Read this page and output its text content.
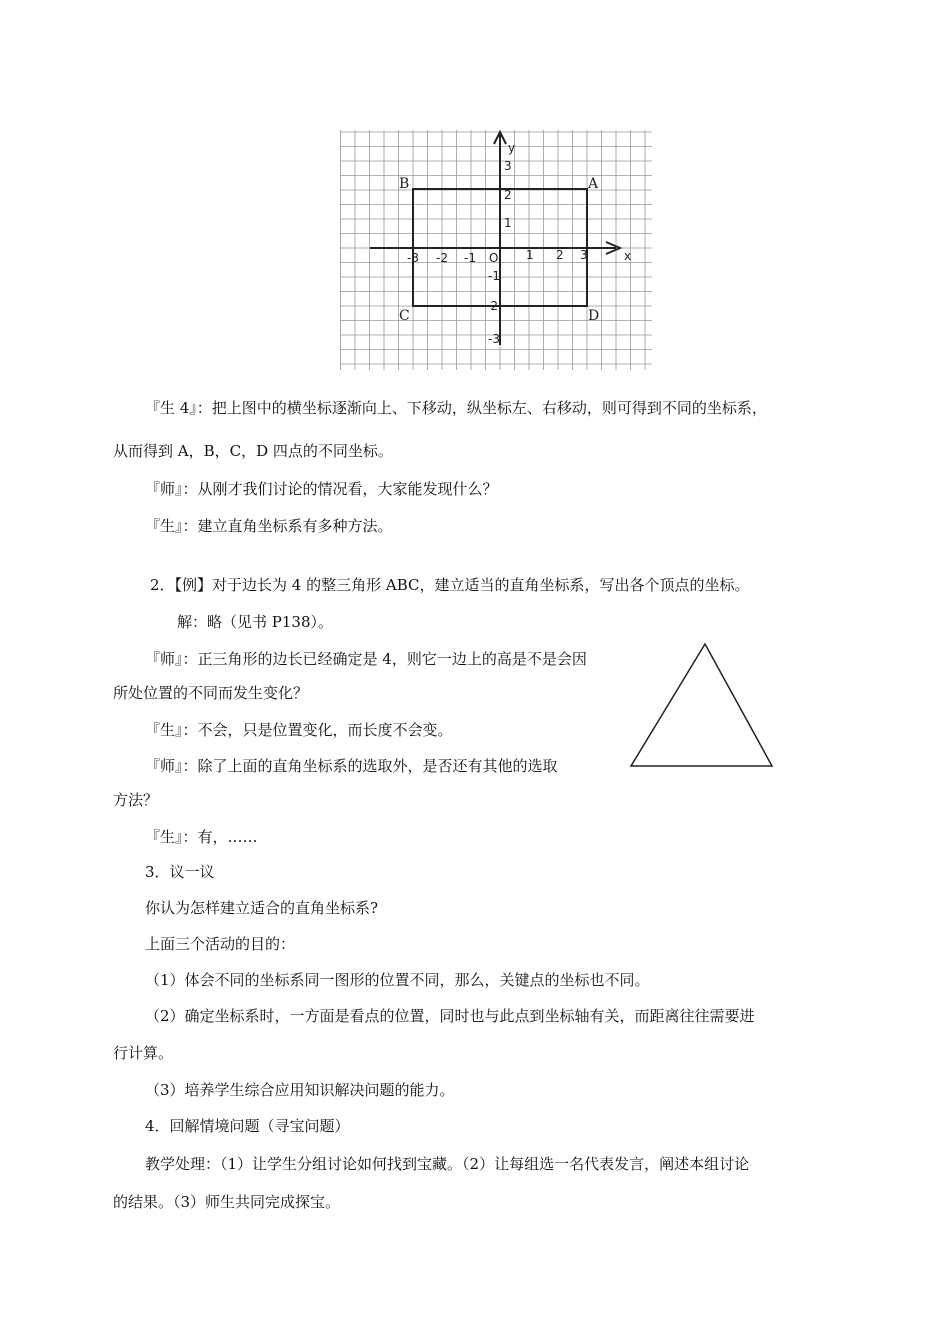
x
y
O
-3 -2 -1	1 2 3
3
2
1
-1
-2
-3
A
B
C	D
『生 4』：把上图中的横坐标逐渐向上、下移动，纵坐标左、右移动，则可得到不同的坐标系，
从而得到 A，B，C，D 四点的不同坐标。
『师』：从刚才我们讨论的情况看，大家能发现什么？
『生』：建立直角坐标系有多种方法。
2．【例】对于边长为 4 的整三角形 ABC，建立适当的直角坐标系，写出各个顶点的坐标。
解：略（见书 P138）。
『师』：正三角形的边长已经确定是 4，则它一边上的高是不是会因
所处位置的不同而发生变化？
『生』：不会，只是位置变化，而长度不会变。
『师』：除了上面的直角坐标系的选取外，是否还有其他的选取
方法？
『生』：有，……
3．议一议
你认为怎样建立适合的直角坐标系?
上面三个活动的目的：
（1）体会不同的坐标系同一图形的位置不同，那么，关键点的坐标也不同。
（2）确定坐标系时，一方面是看点的位置，同时也与此点到坐标轴有关，而距离往往需要进
行计算。
（3）培养学生综合应用知识解决问题的能力。
4．回解情境问题（寻宝问题）
教学处理：（1）让学生分组讨论如何找到宝藏。（2）让每组选一名代表发言，阐述本组讨论
的结果。（3）师生共同完成探宝。
